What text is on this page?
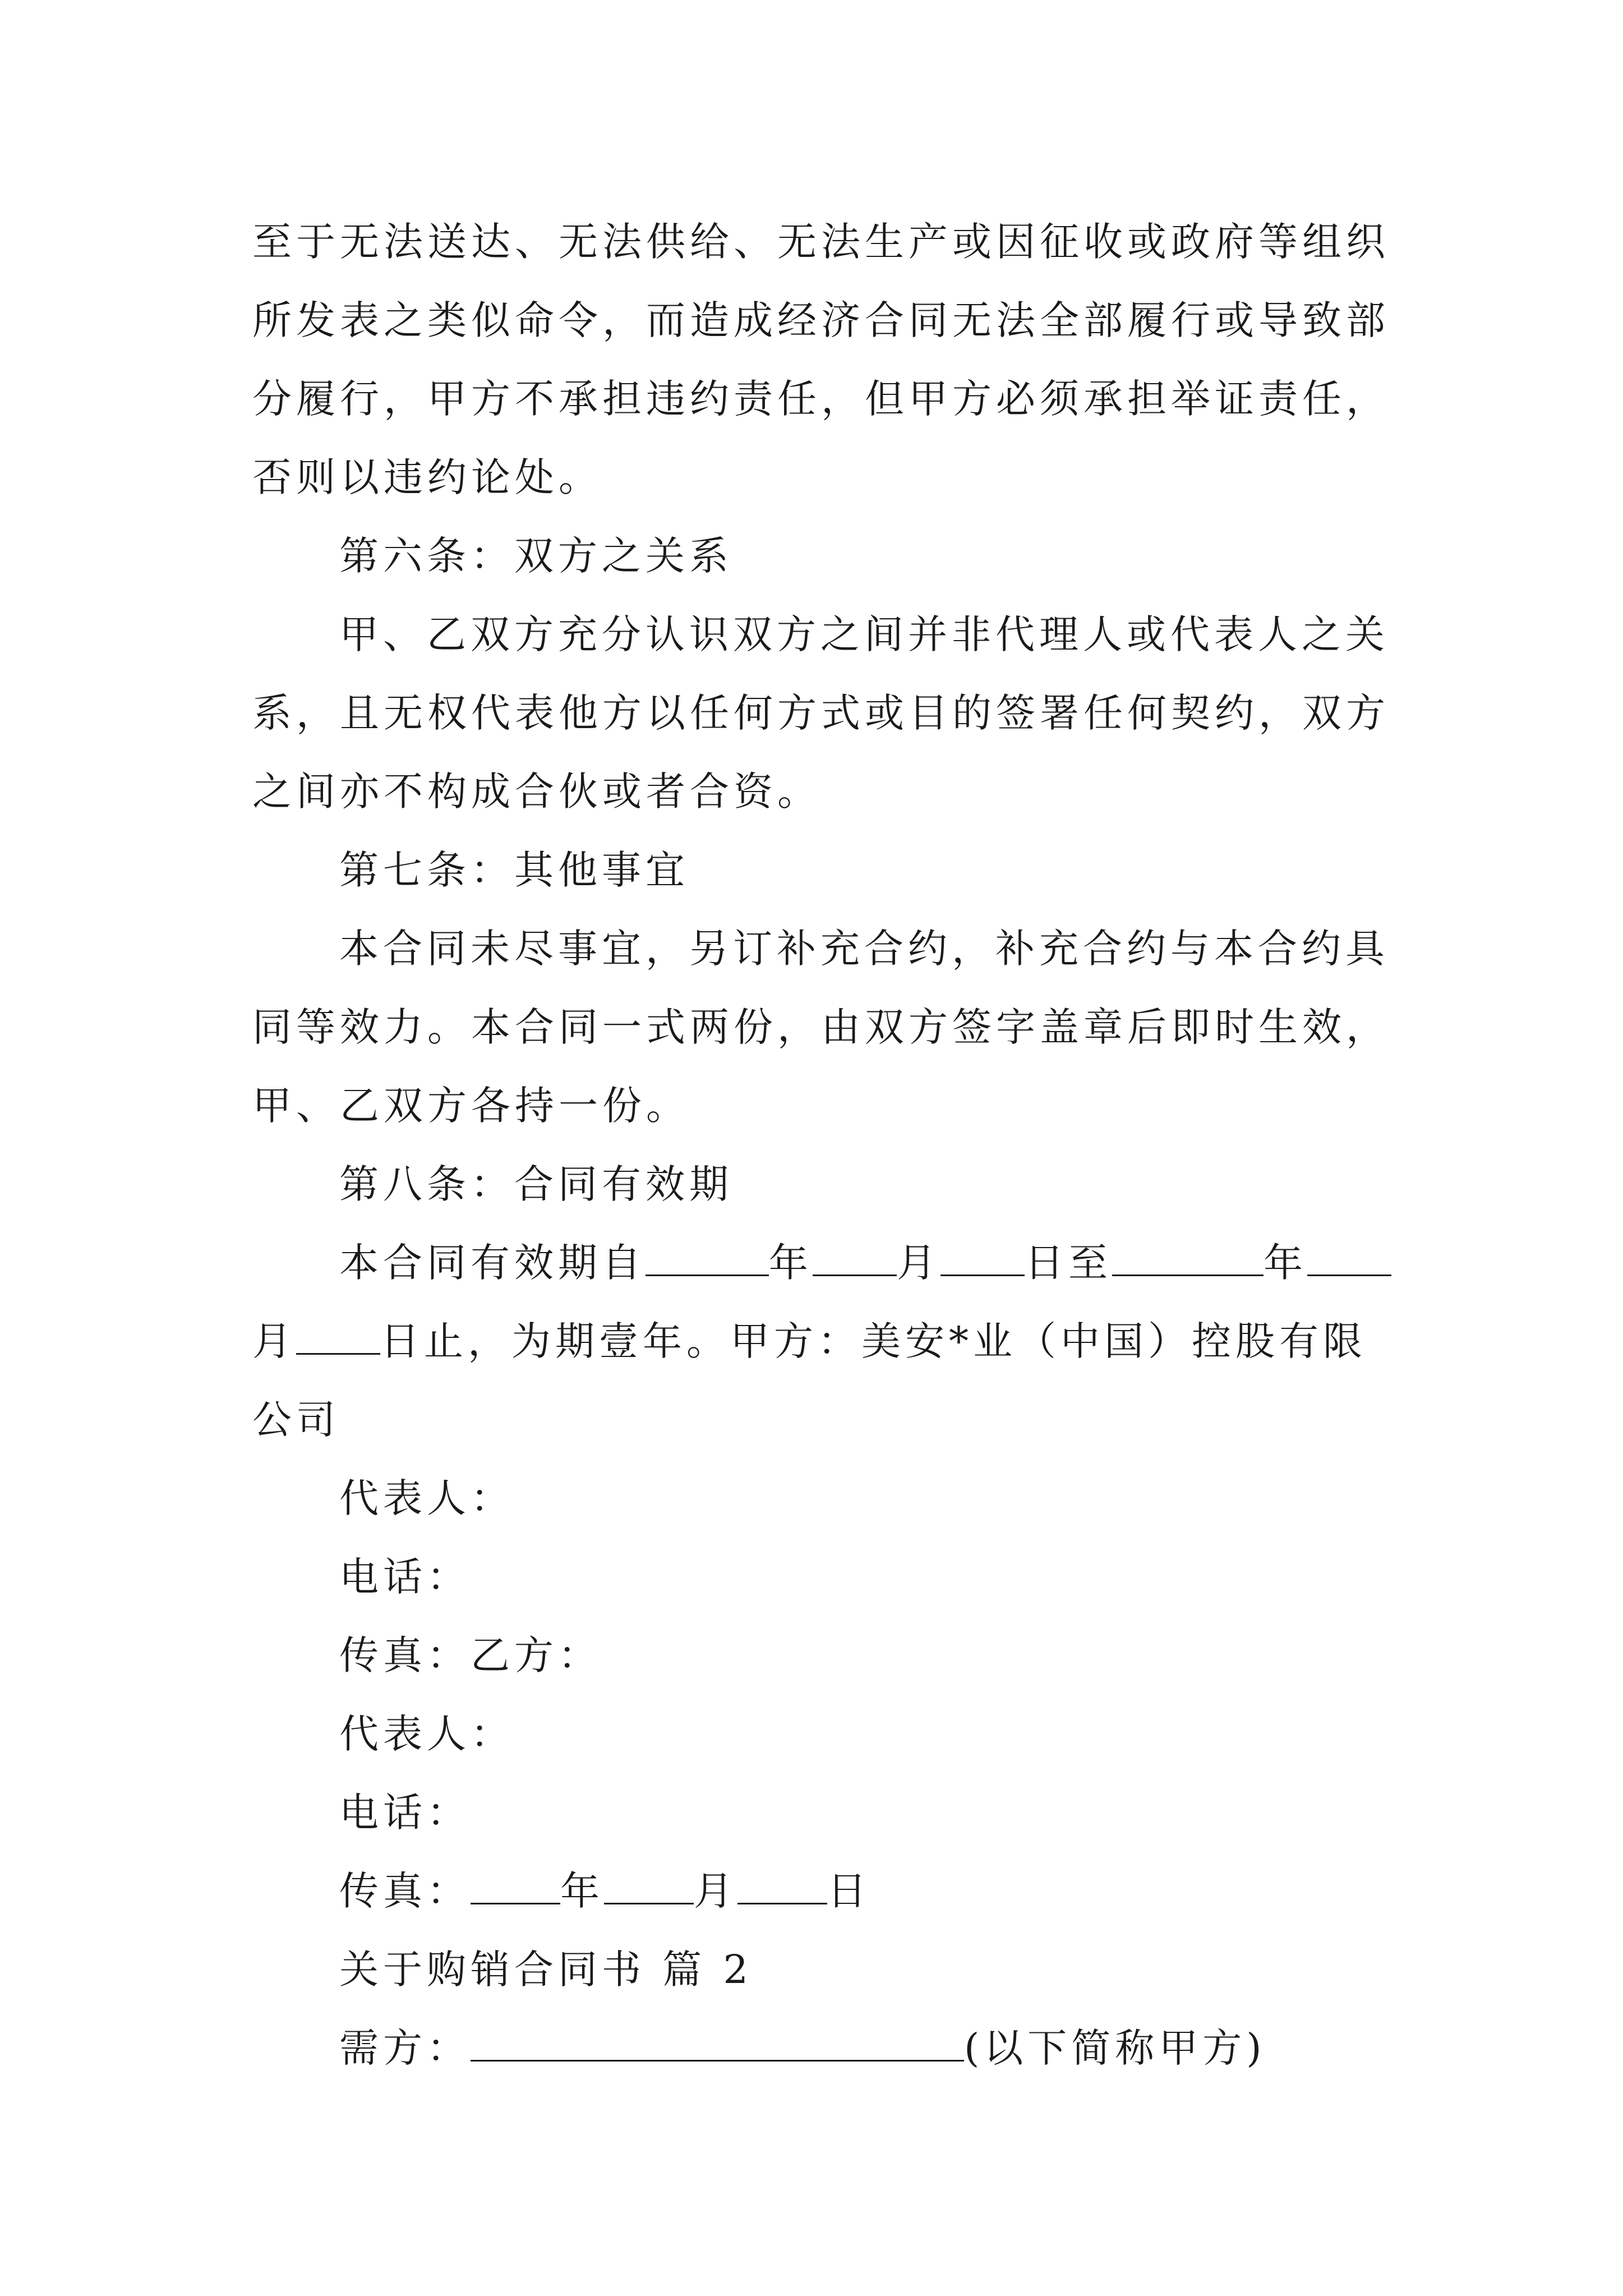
至于无法送达、无法供给、无法生产或因征收或政府等组织
所发表之类似命令，而造成经济合同无法全部履行或导致部
分履行，甲方不承担违约责任，但甲方必须承担举证责任，
否则以违约论处。
第六条：双方之关系
甲、乙双方充分认识双方之间并非代理人或代表人之关
系，且无权代表他方以任何方式或目的签署任何契约，双方
之间亦不构成合伙或者合资。
第七条：其他事宜
本合同未尽事宜，另订补充合约，补充合约与本合约具
同等效力。本合同一式两份，由双方签字盖章后即时生效，
甲、乙双方各持一份。
第八条：合同有效期
本合同有效期自	年 月 日至	年
月 日止，为期壹年。甲方：美安*业（中国）控股有限
公司
代表人：
电话：
传真：乙方：
代表人：
电话：
传真： 年 月 日
关于购销合同书 篇 2
需方：	(以下简称甲方)
